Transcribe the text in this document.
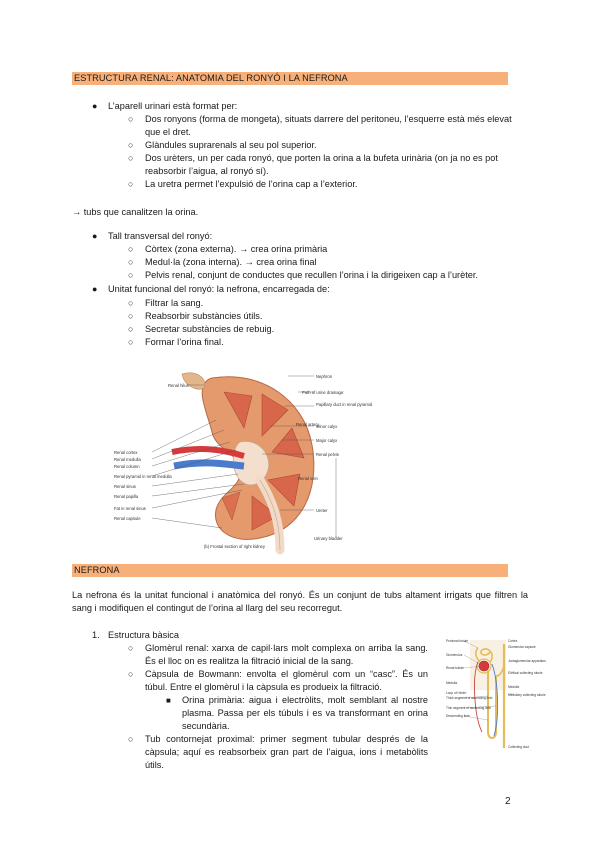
ESTRUCTURA RENAL: ANATOMIA DEL RONYÓ I LA NEFRONA
● L’aparell urinari està format per:
○ Dos ronyons (forma de mongeta), situats darrere del peritoneu, l’esquerre està més elevat que el dret.
○ Glàndules suprarenals al seu pol superior.
○ Dos urèters, un per cada ronyó, que porten la orina a la bufeta urinària (on ja no es pot reabsorbir l’aigua, al ronyó sí).
○ La uretra permet l’expulsió de l’orina cap a l’exterior.
→ tubs que canalitzen la orina.
● Tall transversal del ronyó:
○ Còrtex (zona externa). → crea orina primària
○ Medul·la (zona interna). → crea orina final
○ Pelvis renal, conjunt de conductes que recullen l’orina i la dirigeixen cap a l’urèter.
● Unitat funcional del ronyó: la nefrona, encarregada de:
○ Filtrar la sang.
○ Reabsorbir substàncies útils.
○ Secretar substàncies de rebuig.
○ Formar l’orina final.
Renal cortex
Renal medulla
Renal column
Renal pyramid in renal medulla
Renal sinus
Renal papilla
Fat in renal sinus
Renal capsule
Renal hilus
Nephron
Path of urine drainage:
Papillary duct in renal pyramid
Minor calyx
Major calyx
Renal pelvis
Ureter
Urinary bladder
Renal artery
Renal vein
(b) Frontal section of right kidney
NEFRONA
La nefrona és la unitat funcional i anatòmica del ronyó. És un conjunt de tubs altament irrigats que filtren la sang i modifiquen el contingut de l’orina al llarg del seu recorregut.
1. Estructura bàsica
○ Glomèrul renal: xarxa de capil·lars molt complexa on arriba la sang. És el lloc on es realitza la filtració inicial de la sang.
○ Càpsula de Bowmann: envolta el glomèrul com un “casc”. És un túbul. Entre el glomèrul i la càpsula es produeix la filtració.
■ Orina primària: aigua i electròlits, molt semblant al nostre plasma. Passa per els túbuls i es va transformant en orina secundària.
○ Tub contornejat proximal: primer segment tubular després de la càpsula; aquí es reabsorbeix gran part de l’aigua, ions i metabòlits útils.
Proximal tubule
Glomerulus
Renal tubule
Medulla
Loop of Henle:
Thick segment of ascending limb
Thin segment of ascending limb
Descending limb
Cortex
Glomerular capsule
Juxtaglomerular apparatus
Cortical collecting tubule
Medulla
Medullary collecting tubule
Collecting duct
2
